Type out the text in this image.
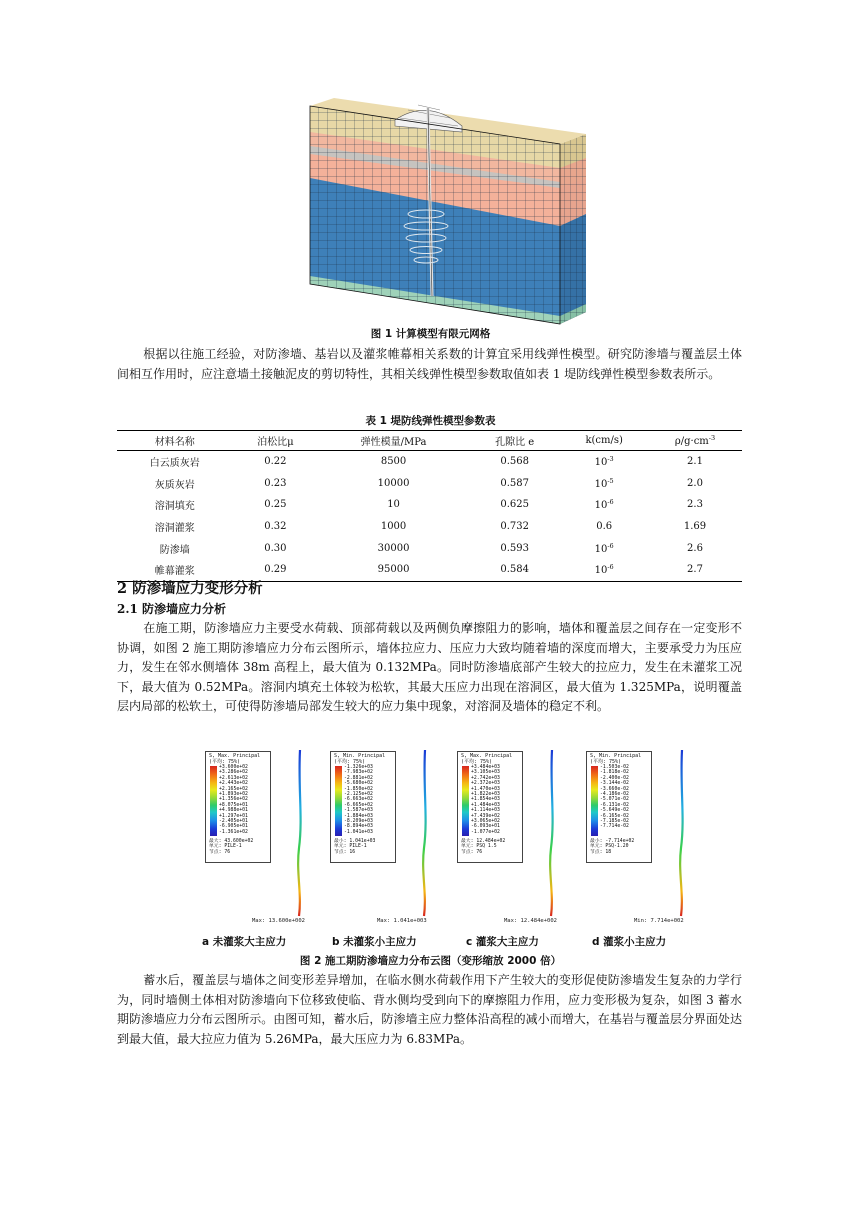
图 1 计算模型有限元网格
根据以往施工经验，对防渗墙、基岩以及灌浆帷幕相关系数的计算宜采用线弹性模型。研究防渗墙与覆盖层土体间相互作用时，应注意墙土接触泥皮的剪切特性，其相关线弹性模型参数取值如表 1 堤防线弹性模型参数表所示。
表 1 堤防线弹性模型参数表
材料名称	泊松比μ	弹性模量/MPa	孔隙比 e	k(cm/s)	$\rho/g\cdot cm^{-3}$
白云质灰岩	0.22	8500	0.568	$10^{-3}$	2.1
灰质灰岩	0.23	10000	0.587	$10^{-5}$	2.0
溶洞填充	0.25	10	0.625	$10^{-6}$	2.3
溶洞灌浆	0.32	1000	0.732	0.6	1.69
防渗墙	0.30	30000	0.593	$10^{-6}$	2.6
帷幕灌浆	0.29	95000	0.584	$10^{-6}$	2.7
2 防渗墙应力变形分析
2.1 防渗墙应力分析
在施工期，防渗墙应力主要受水荷载、顶部荷载以及两侧负摩擦阻力的影响，墙体和覆盖层之间存在一定变形不协调，如图 2 施工期防渗墙应力分布云图所示，墙体拉应力、压应力大致均随着墙的深度而增大，主要承受力为压应力，发生在邻水侧墙体 38m 高程上，最大值为 0.132MPa。同时防渗墙底部产生较大的拉应力，发生在未灌浆工况下，最大值为 0.52MPa。溶洞内填充土体较为松软，其最大压应力出现在溶洞区，最大值为 1.325MPa，说明覆盖层内局部的松软土，可使得防渗墙局部发生较大的应力集中现象，对溶洞及墙体的稳定不利。
S, Max. Principal
(平均: 75%)
+3.600e+02
+3.286e+02
+2.613e+02
+2.443e+02
+2.165e+02
+1.893e+02
+1.356e+02
+8.075e+01
+4.988e+01
+1.297e+01
-2.405e+01
-6.905e+01
-1.361e+02
最大: 43.600e+02
单元: PILE-1
节点: 76
Max: 13.600e+002
S, Min. Principal
(平均: 75%)
-1.326e+03
-7.983e+02
-2.881e+02
-5.680e+02
-1.850e+02
-2.125e+02
-6.663e+02
-6.665e+02
-1.587e+03
-1.884e+03
-8.209e+03
-8.894e+03
-1.041e+03
最小: 1.041e+03
单元: PILE-1
节点: 16
Max: 1.041e+003
S, Max. Principal
(平均: 75%)
+3.484e+03
+3.105e+03
+2.742e+03
+2.372e+03
+1.470e+03
+1.822e+03
+1.854e+03
+1.484e+03
+1.114e+03
+7.439e+02
+3.065e+02
-6.093e+01
-1.077e+02
最大: 12.484e+02
单元: PSQ 1.5
节点: 76
Max: 12.484e+002
S, Min. Principal
(平均: 75%)
-1.503e-02
-1.818e-02
-2.400e-02
-3.144e-02
-3.660e-02
-4.186e-02
-5.071e-02
-6.131e-02
-5.649e-02
-6.165e-02
-7.185e-02
-7.714e-02
最小: -7.714e+02
单元: PSQ-1.20
节点: 18
Min: 7.714e+002
a 未灌浆大主应力	b 未灌浆小主应力	c 灌浆大主应力	d 灌浆小主应力
图 2 施工期防渗墙应力分布云图（变形缩放 2000 倍）
蓄水后，覆盖层与墙体之间变形差异增加，在临水侧水荷载作用下产生较大的变形促使防渗墙发生复杂的力学行为，同时墙侧土体相对防渗墙向下位移致使临、背水侧均受到向下的摩擦阻力作用，应力变形极为复杂，如图 3 蓄水期防渗墙应力分布云图所示。由图可知，蓄水后，防渗墙主应力整体沿高程的减小而增大，在基岩与覆盖层分界面处达到最大值，最大拉应力值为 5.26MPa，最大压应力为 6.83MPa。
